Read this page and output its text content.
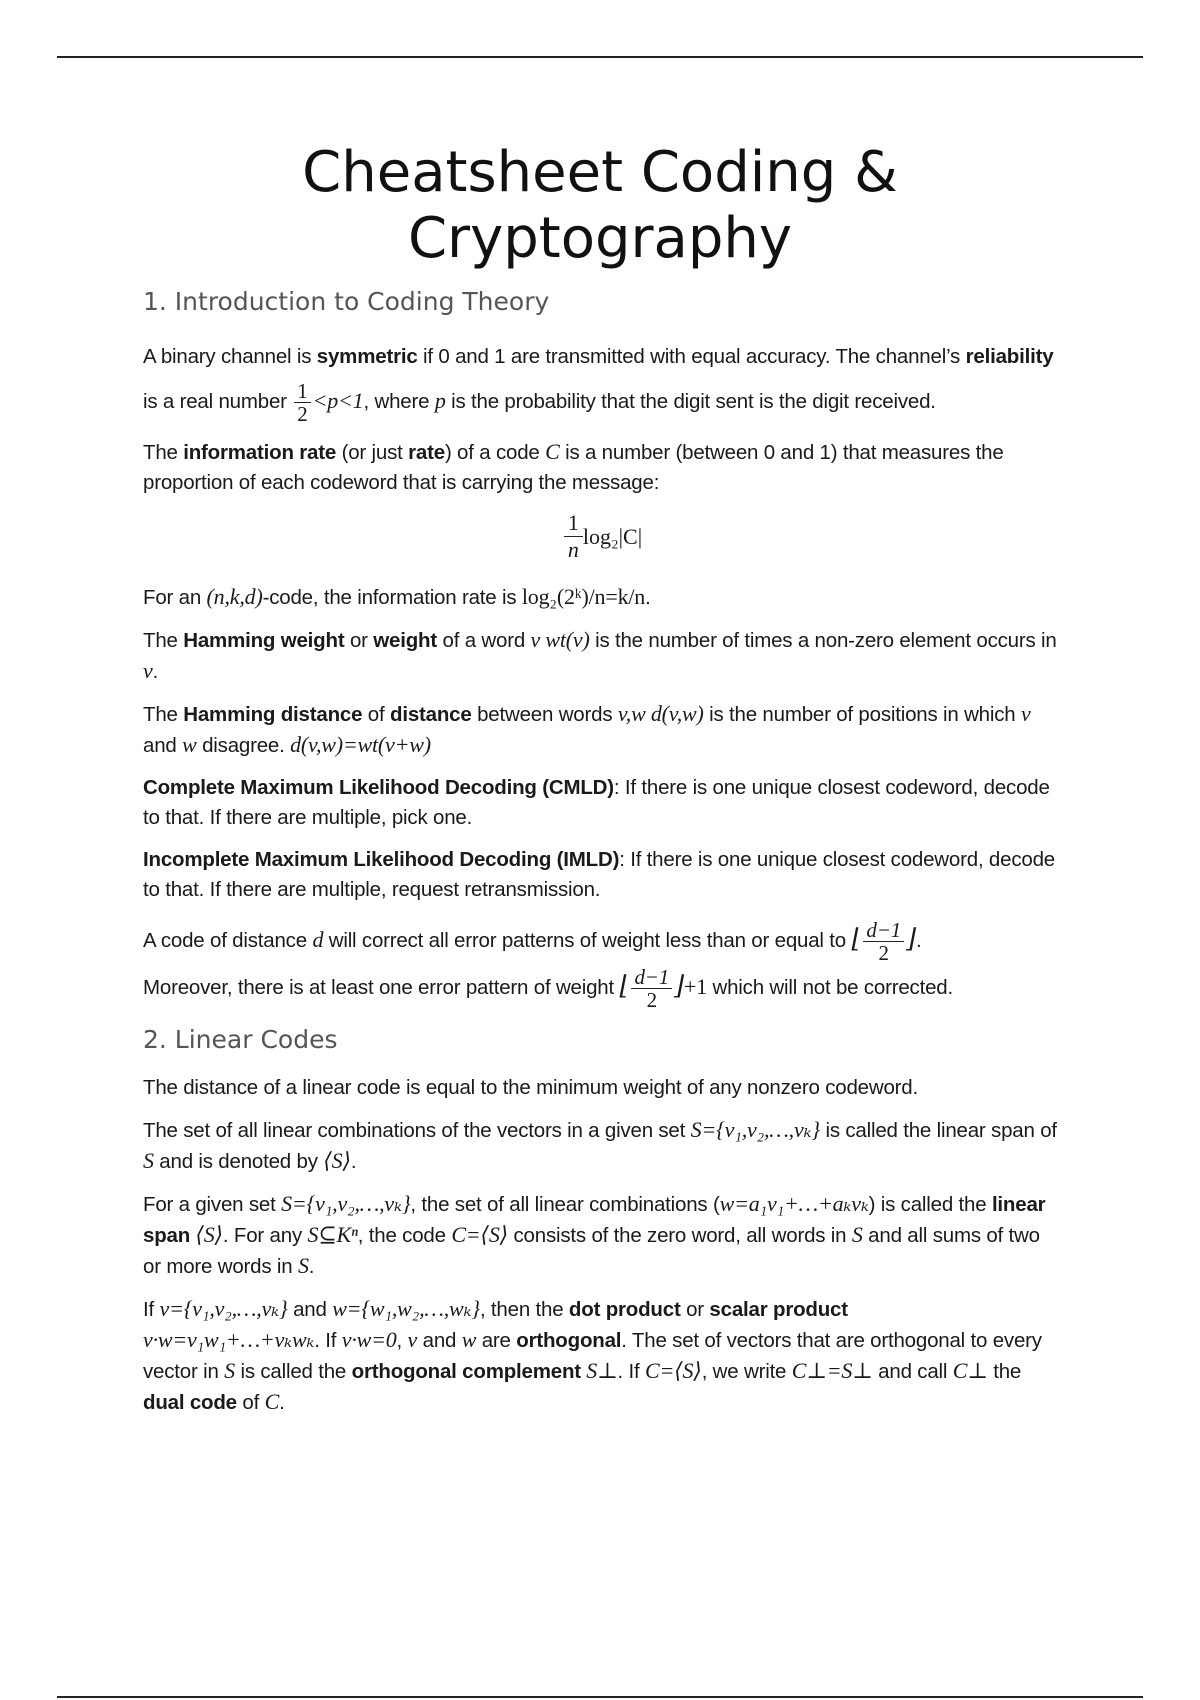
Cheatsheet Coding &
Cryptography
1. Introduction to Coding Theory

A binary channel is symmetric if 0 and 1 are transmitted with equal accuracy. The channel’s reliability is a real number $\frac{1}{2} <p<1$, where p is the probability that the digit sent is the digit received.

The information rate (or just rate) of a code C is a number (between 0 and 1) that measures the proportion of each codeword that is carrying the message:

$\frac{1}{n} \log_2|C|$

For an (n,k,d)-code, the information rate is log₂(2ᵏ)/n=k/n.

The Hamming weight or weight of a word v wt(v) is the number of times a non-zero element occurs in v.

The Hamming distance of distance between words v,w d(v,w) is the number of positions in which v and w disagree. d(v,w)=wt(v+w)

Complete Maximum Likelihood Decoding (CMLD): If there is one unique closest codeword, decode to that. If there are multiple, pick one.

Incomplete Maximum Likelihood Decoding (IMLD): If there is one unique closest codeword, decode to that. If there are multiple, request retransmission.

A code of distance d will correct all error patterns of weight less than or equal to ⌊ $\frac{d-1}{2}$ ⌋.
Moreover, there is at least one error pattern of weight ⌊ $\frac{d-1}{2}$ ⌋+1 which will not be corrected.

2. Linear Codes

The distance of a linear code is equal to the minimum weight of any nonzero codeword.

The set of all linear combinations of the vectors in a given set S={v₁,v₂,…,vₖ} is called the linear span of S and is denoted by ⟨S⟩.

For a given set S={v₁,v₂,…,vₖ}, the set of all linear combinations (w=a₁v₁+…+aₖvₖ) is called the linear span ⟨S⟩. For any S⊆Kⁿ, the code C=⟨S⟩ consists of the zero word, all words in S and all sums of two or more words in S.

If v={v₁,v₂,…,vₖ} and w={w₁,w₂,…,wₖ}, then the dot product or scalar product
v·w=v₁w₁+…+vₖwₖ. If v·w=0, v and w are orthogonal. The set of vectors that are orthogonal to every vector in S is called the orthogonal complement S⊥. If C=⟨S⟩, we write C⊥=S⊥ and call C⊥ the dual code of C.
